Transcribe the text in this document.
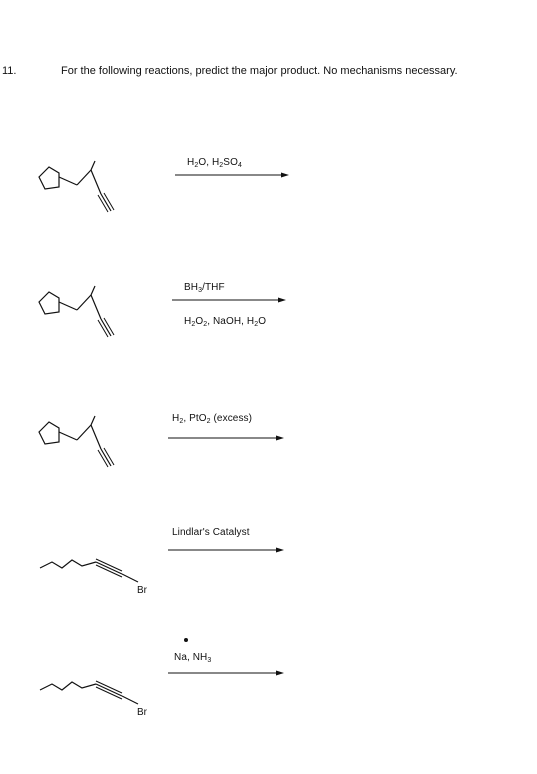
11.	For the following reactions, predict the major product. No mechanisms necessary.
$H_2O$, $H_2SO_4$
$BH_3$/THF
$H_2O_2$, NaOH, $H_2O$
$H_2$, PtO$_2$ (excess)
Br
Lindlar's Catalyst
Br
Na, $NH_3$
